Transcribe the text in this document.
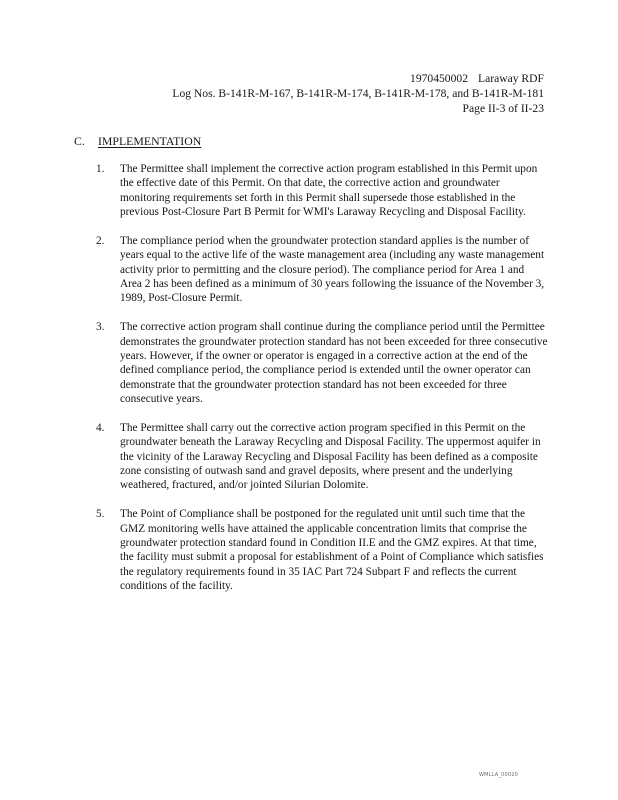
1970450002 Laraway RDF
Log Nos. B-141R-M-167, B-141R-M-174, B-141R-M-178, and B-141R-M-181
Page II-3 of II-23
C.	IMPLEMENTATION
1.	The Permittee shall implement the corrective action program established in this Permit upon the effective date of this Permit. On that date, the corrective action and groundwater monitoring requirements set forth in this Permit shall supersede those established in the previous Post-Closure Part B Permit for WMI's Laraway Recycling and Disposal Facility.
2.	The compliance period when the groundwater protection standard applies is the number of years equal to the active life of the waste management area (including any waste management activity prior to permitting and the closure period). The compliance period for Area 1 and Area 2 has been defined as a minimum of 30 years following the issuance of the November 3, 1989, Post-Closure Permit.
3.	The corrective action program shall continue during the compliance period until the Permittee demonstrates the groundwater protection standard has not been exceeded for three consecutive years. However, if the owner or operator is engaged in a corrective action at the end of the defined compliance period, the compliance period is extended until the owner operator can demonstrate that the groundwater protection standard has not been exceeded for three consecutive years.
4.	The Permittee shall carry out the corrective action program specified in this Permit on the groundwater beneath the Laraway Recycling and Disposal Facility. The uppermost aquifer in the vicinity of the Laraway Recycling and Disposal Facility has been defined as a composite zone consisting of outwash sand and gravel deposits, where present and the underlying weathered, fractured, and/or jointed Silurian Dolomite.
5.	The Point of Compliance shall be postponed for the regulated unit until such time that the GMZ monitoring wells have attained the applicable concentration limits that comprise the groundwater protection standard found in Condition II.E and the GMZ expires. At that time, the facility must submit a proposal for establishment of a Point of Compliance which satisfies the regulatory requirements found in 35 IAC Part 724 Subpart F and reflects the current conditions of the facility.
WMLLA_00020
